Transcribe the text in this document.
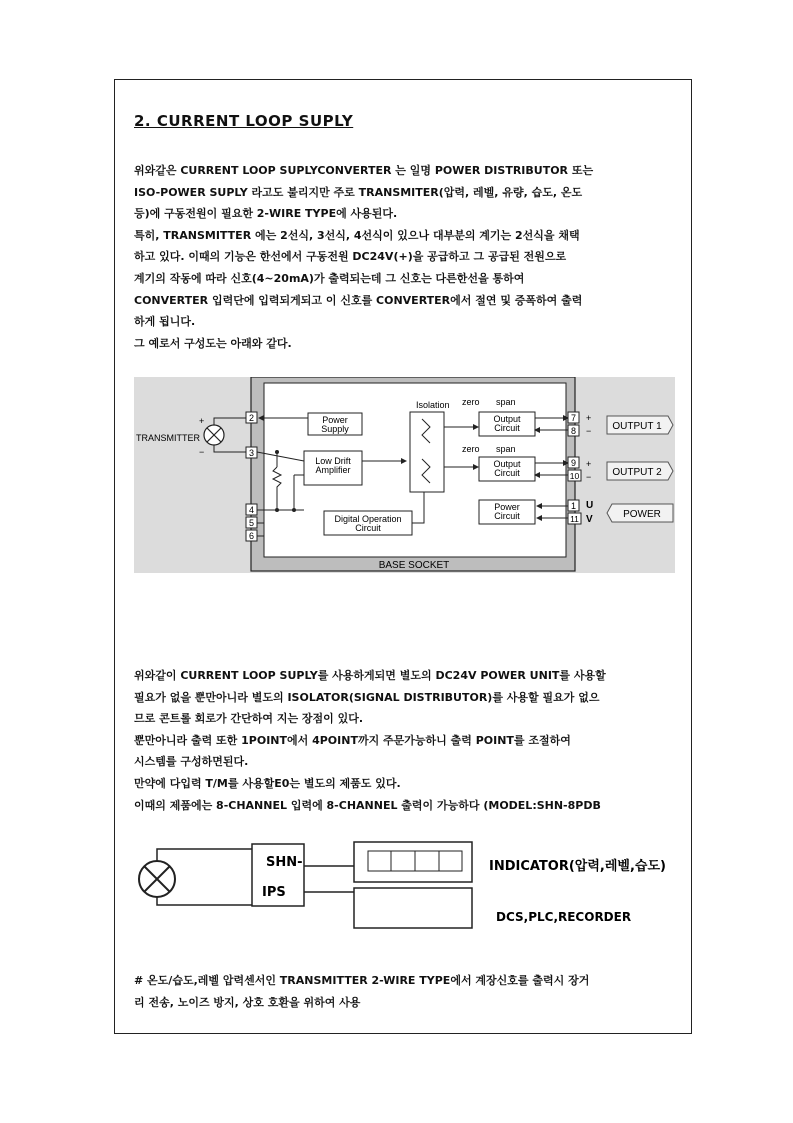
2. CURRENT LOOP SUPLY

위와같은 CURRENT LOOP SUPLYCONVERTER 는 일명 POWER DISTRIBUTOR 또는

ISO-POWER SUPLY 라고도 불리지만 주로 TRANSMITER(압력, 레벨, 유량, 습도, 온도

등)에 구동전원이 필요한 2-WIRE TYPE에 사용된다.

특히, TRANSMITTER 에는 2선식, 3선식, 4선식이 있으나 대부분의 계기는 2선식을 채택

하고 있다. 이때의 기능은 한선에서 구동전원 DC24V(+)을 공급하고 그 공급된 전원으로

계기의 작동에 따라 신호(4~20mA)가 출력되는데 그 신호는 다른한선을 통하여

CONVERTER 입력단에 입력되게되고 이 신호를 CONVERTER에서 절연 및 증폭하여 출력

하게 됩니다.

그 예로서 구성도는 아래와 같다.

BASE SOCKET
TRANSMITTER
+
−
2
3
4
5
6
Power
Supply
Low Drift
Amplifier
Digital Operation
Circuit
Isolation zero span
zero span
Output
Circuit
Output
Circuit
Power
Circuit
7
8
9
10
11
1
+
−
+
−
U
V
OUTPUT 1
OUTPUT 2
POWER

위와같이 CURRENT LOOP SUPLY를 사용하게되면 별도의 DC24V POWER UNIT를 사용할

필요가 없을 뿐만아니라 별도의 ISOLATOR(SIGNAL DISTRIBUTOR)를 사용할 필요가 없으

므로 콘트롤 회로가 간단하여 지는 장점이 있다.

뿐만아니라 출력 또한 1POINT에서 4POINT까지 주문가능하니 출력 POINT를 조절하여

시스템를 구성하면된다.

만약에 다입력 T/M를 사용할E0는 별도의 제품도 있다.

이때의 제품에는 8-CHANNEL 입력에 8-CHANNEL 출력이 가능하다 (MODEL:SHN-8PDB

SHN-
IPS
INDICATOR(압력,레벨,습도)
DCS,PLC,RECORDER

# 온도/습도,레벨 압력센서인 TRANSMITTER 2-WIRE TYPE에서 계장신호를 출력시 장거

리 전송, 노이즈 방지, 상호 호환을 위하여 사용
